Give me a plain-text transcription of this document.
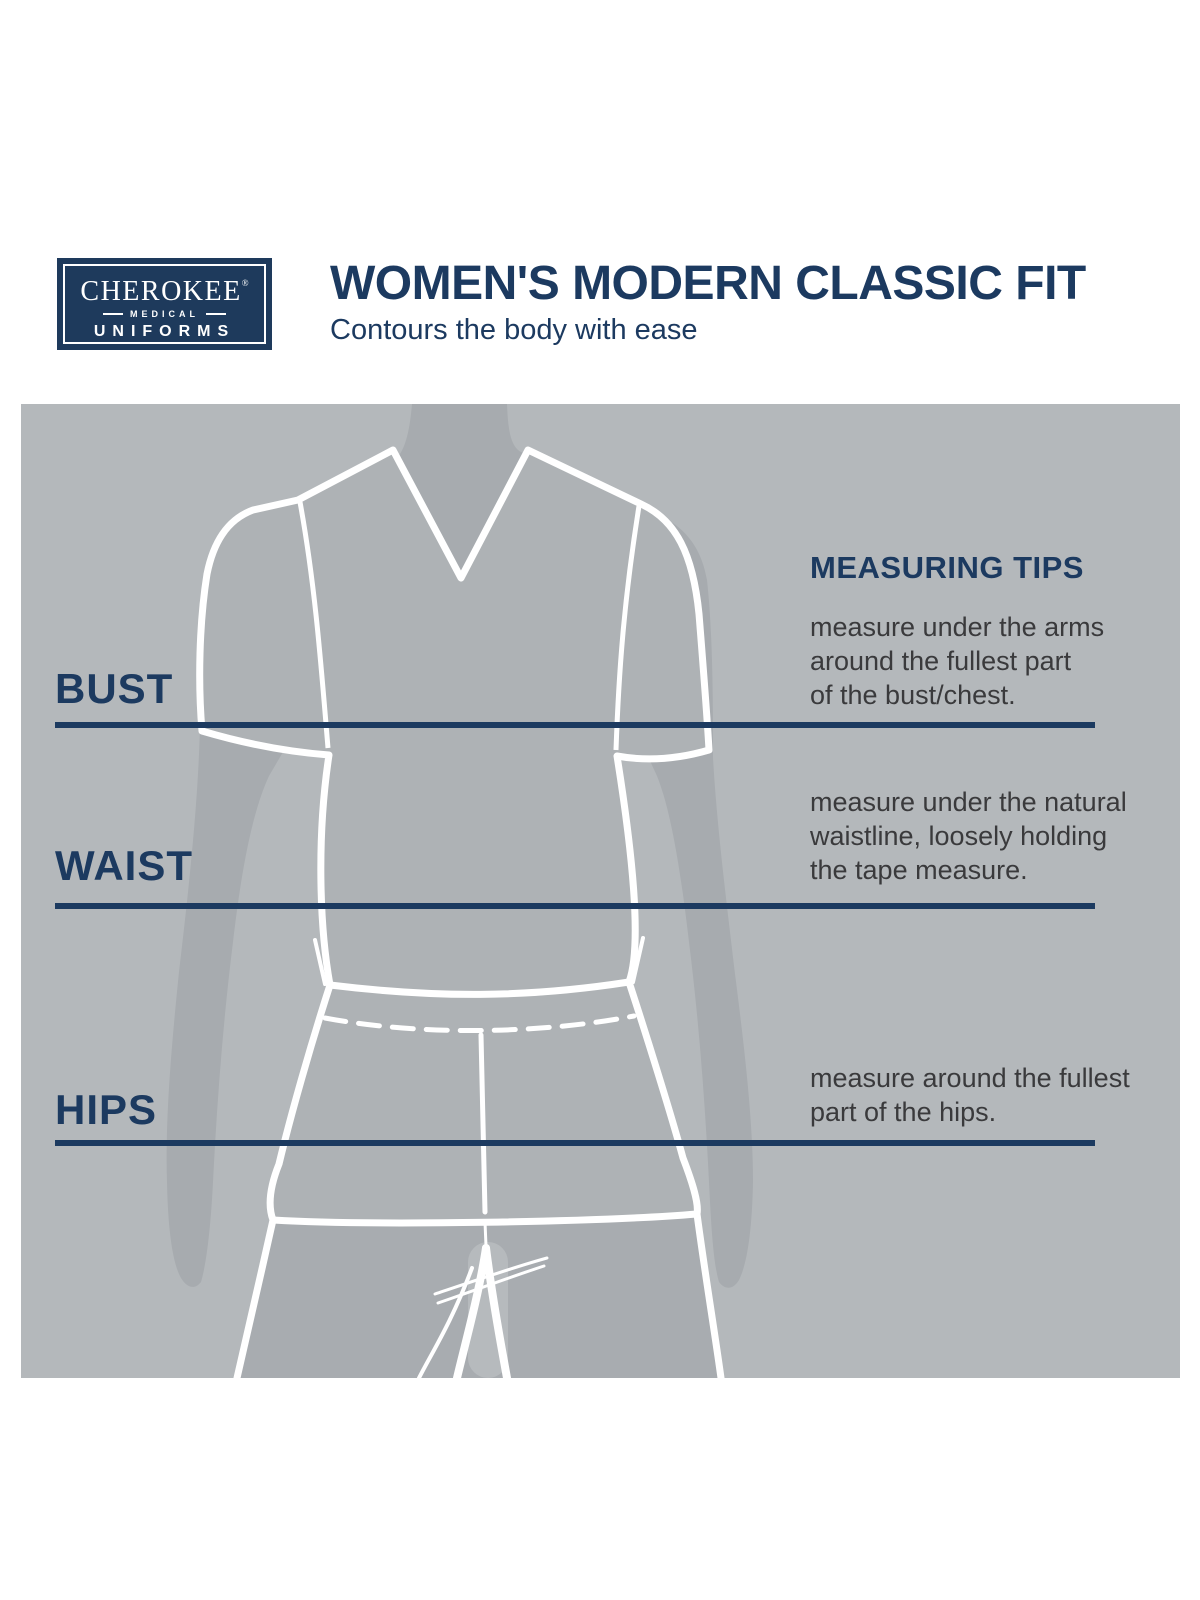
CHEROKEE®
MEDICAL
UNIFORMS
WOMEN'S MODERN CLASSIC FIT
Contours the body with ease
BUST
WAIST
HIPS
MEASURING TIPS
measure under the arms
around the fullest part
of the bust/chest.
measure under the natural
waistline, loosely holding
the tape measure.
measure around the fullest
part of the hips.
